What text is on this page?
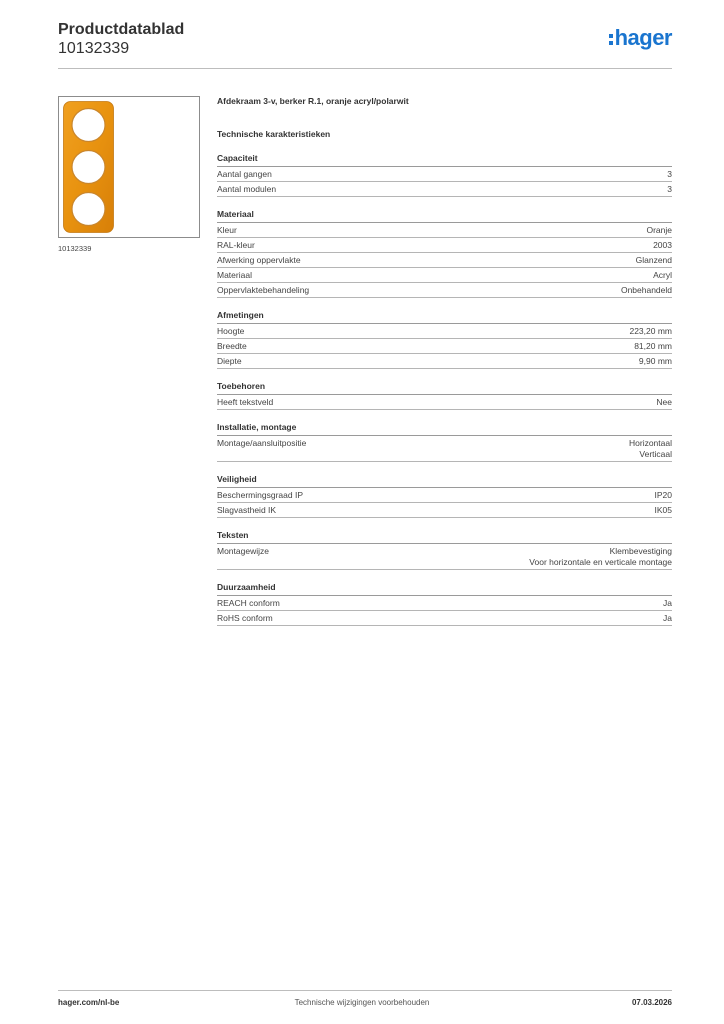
Productdatablad
10132339	hager
10132339
Afdekraam 3-v, berker R.1, oranje acryl/polarwit
Technische karakteristieken
Capaciteit
Aantal gangen	3
Aantal modulen	3
Materiaal
Kleur	Oranje
RAL-kleur	2003
Afwerking oppervlakte	Glanzend
Materiaal	Acryl
Oppervlaktebehandeling	Onbehandeld
Afmetingen
Hoogte	223,20 mm
Breedte	81,20 mm
Diepte	9,90 mm
Toebehoren
Heeft tekstveld	Nee
Installatie, montage
Montage/aansluitpositie	Horizontaal
Verticaal
Veiligheid
Beschermingsgraad IP	IP20
Slagvastheid IK	IK05
Teksten
Montagewijze	Klembevestiging
Voor horizontale en verticale montage
Duurzaamheid
REACH conform	Ja
RoHS conform	Ja
hager.com/nl-be	Technische wijzigingen voorbehouden	07.03.2026
